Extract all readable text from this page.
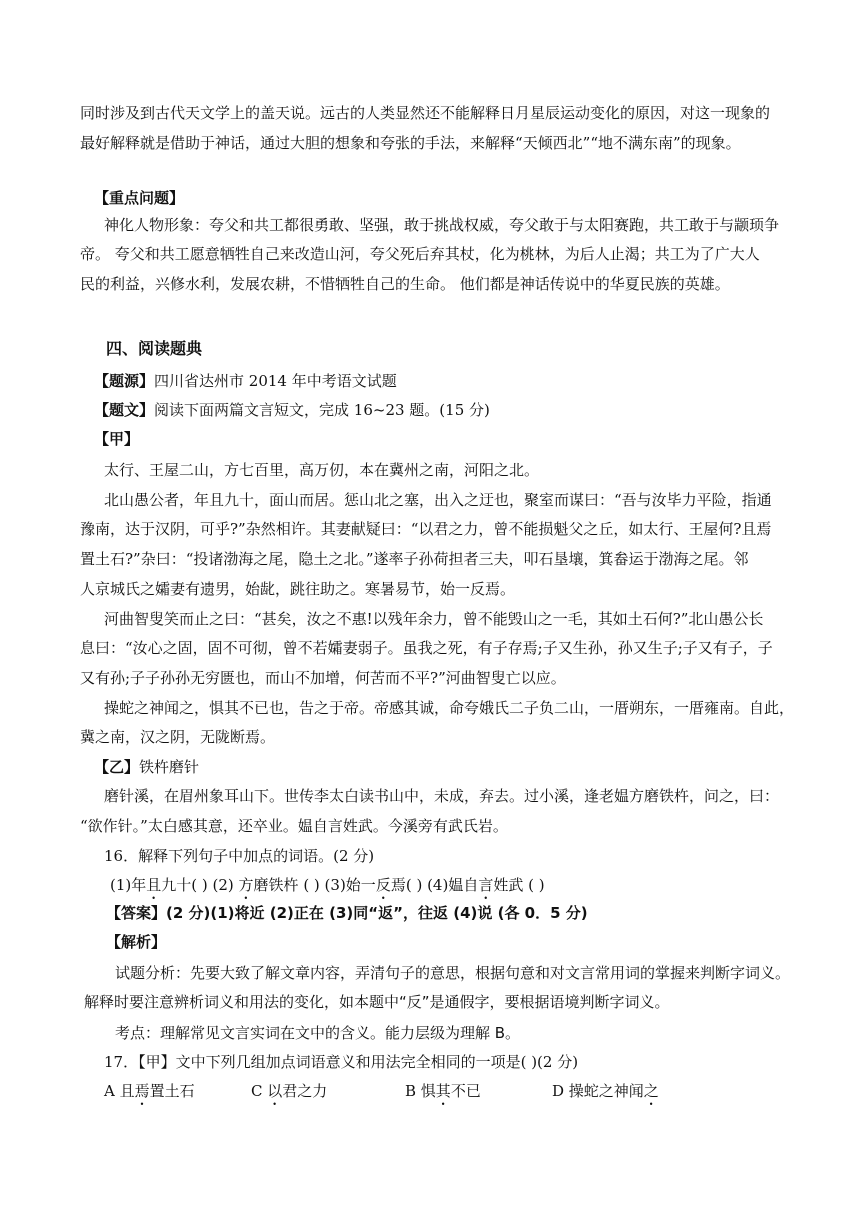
同时涉及到古代天文学上的盖天说。远古的人类显然还不能解释日月星辰运动变化的原因，对这一现象的
最好解释就是借助于神话，通过大胆的想象和夸张的手法，来解释“天倾西北”“地不满东南”的现象。
【重点问题】
神化人物形象：夸父和共工都很勇敢、坚强，敢于挑战权威，夸父敢于与太阳赛跑，共工敢于与颛顼争
帝。 夸父和共工愿意牺牲自己来改造山河，夸父死后弃其杖，化为桃林，为后人止渴；共工为了广大人
民的利益，兴修水利，发展农耕，不惜牺牲自己的生命。 他们都是神话传说中的华夏民族的英雄。
四、阅读题典
【题源】四川省达州市 2014 年中考语文试题
【题文】阅读下面两篇文言短文，完成 16~23 题。(15 分)
【甲】
太行、王屋二山，方七百里，高万仞，本在冀州之南，河阳之北。
北山愚公者，年且九十，面山而居。惩山北之塞，出入之迂也，聚室而谋曰：“吾与汝毕力平险，指通
豫南，达于汉阴，可乎?”杂然相许。其妻献疑曰：“以君之力，曾不能损魁父之丘，如太行、王屋何?且焉
置土石?”杂曰：“投诸渤海之尾，隐土之北。”遂率子孙荷担者三夫，叩石垦壤，箕畚运于渤海之尾。邻
人京城氏之孀妻有遗男，始龀，跳往助之。寒暑易节，始一反焉。
河曲智叟笑而止之曰：“甚矣，汝之不惠!以残年余力，曾不能毁山之一毛，其如土石何?”北山愚公长
息曰：“汝心之固，固不可彻，曾不若孀妻弱子。虽我之死，有子存焉;子又生孙，孙又生子;子又有子，子
又有孙;子子孙孙无穷匮也，而山不加增，何苦而不平?”河曲智叟亡以应。
操蛇之神闻之，惧其不已也，告之于帝。帝感其诚，命夸娥氏二子负二山，一厝朔东，一厝雍南。自此，
冀之南，汉之阴，无陇断焉。
【乙】铁杵磨针
磨针溪，在眉州象耳山下。世传李太白读书山中，未成，弃去。过小溪，逢老媪方磨铁杵，问之，曰：
“欲作针。”太白感其意，还卒业。媪自言姓武。今溪旁有武氏岩。
16．解释下列句子中加点的词语。(2 分)
(1)年且九十( ) (2) 方磨铁杵 ( ) (3)始一反焉( ) (4)媪自言姓武 ( )
【答案】(2 分)(1)将近 (2)正在 (3)同“返”，往返 (4)说 (各 0．5 分)
【解析】
试题分析：先要大致了解文章内容，弄清句子的意思，根据句意和对文言常用词的掌握来判断字词义。
解释时要注意辨析词义和用法的变化，如本题中“反”是通假字，要根据语境判断字词义。
考点：理解常见文言实词在文中的含义。能力层级为理解 B。
17．【甲】文中下列几组加点词语意义和用法完全相同的一项是( )(2 分)
A 且焉置土石	C 以君之力	B 惧其不已	D 操蛇之神闻之
